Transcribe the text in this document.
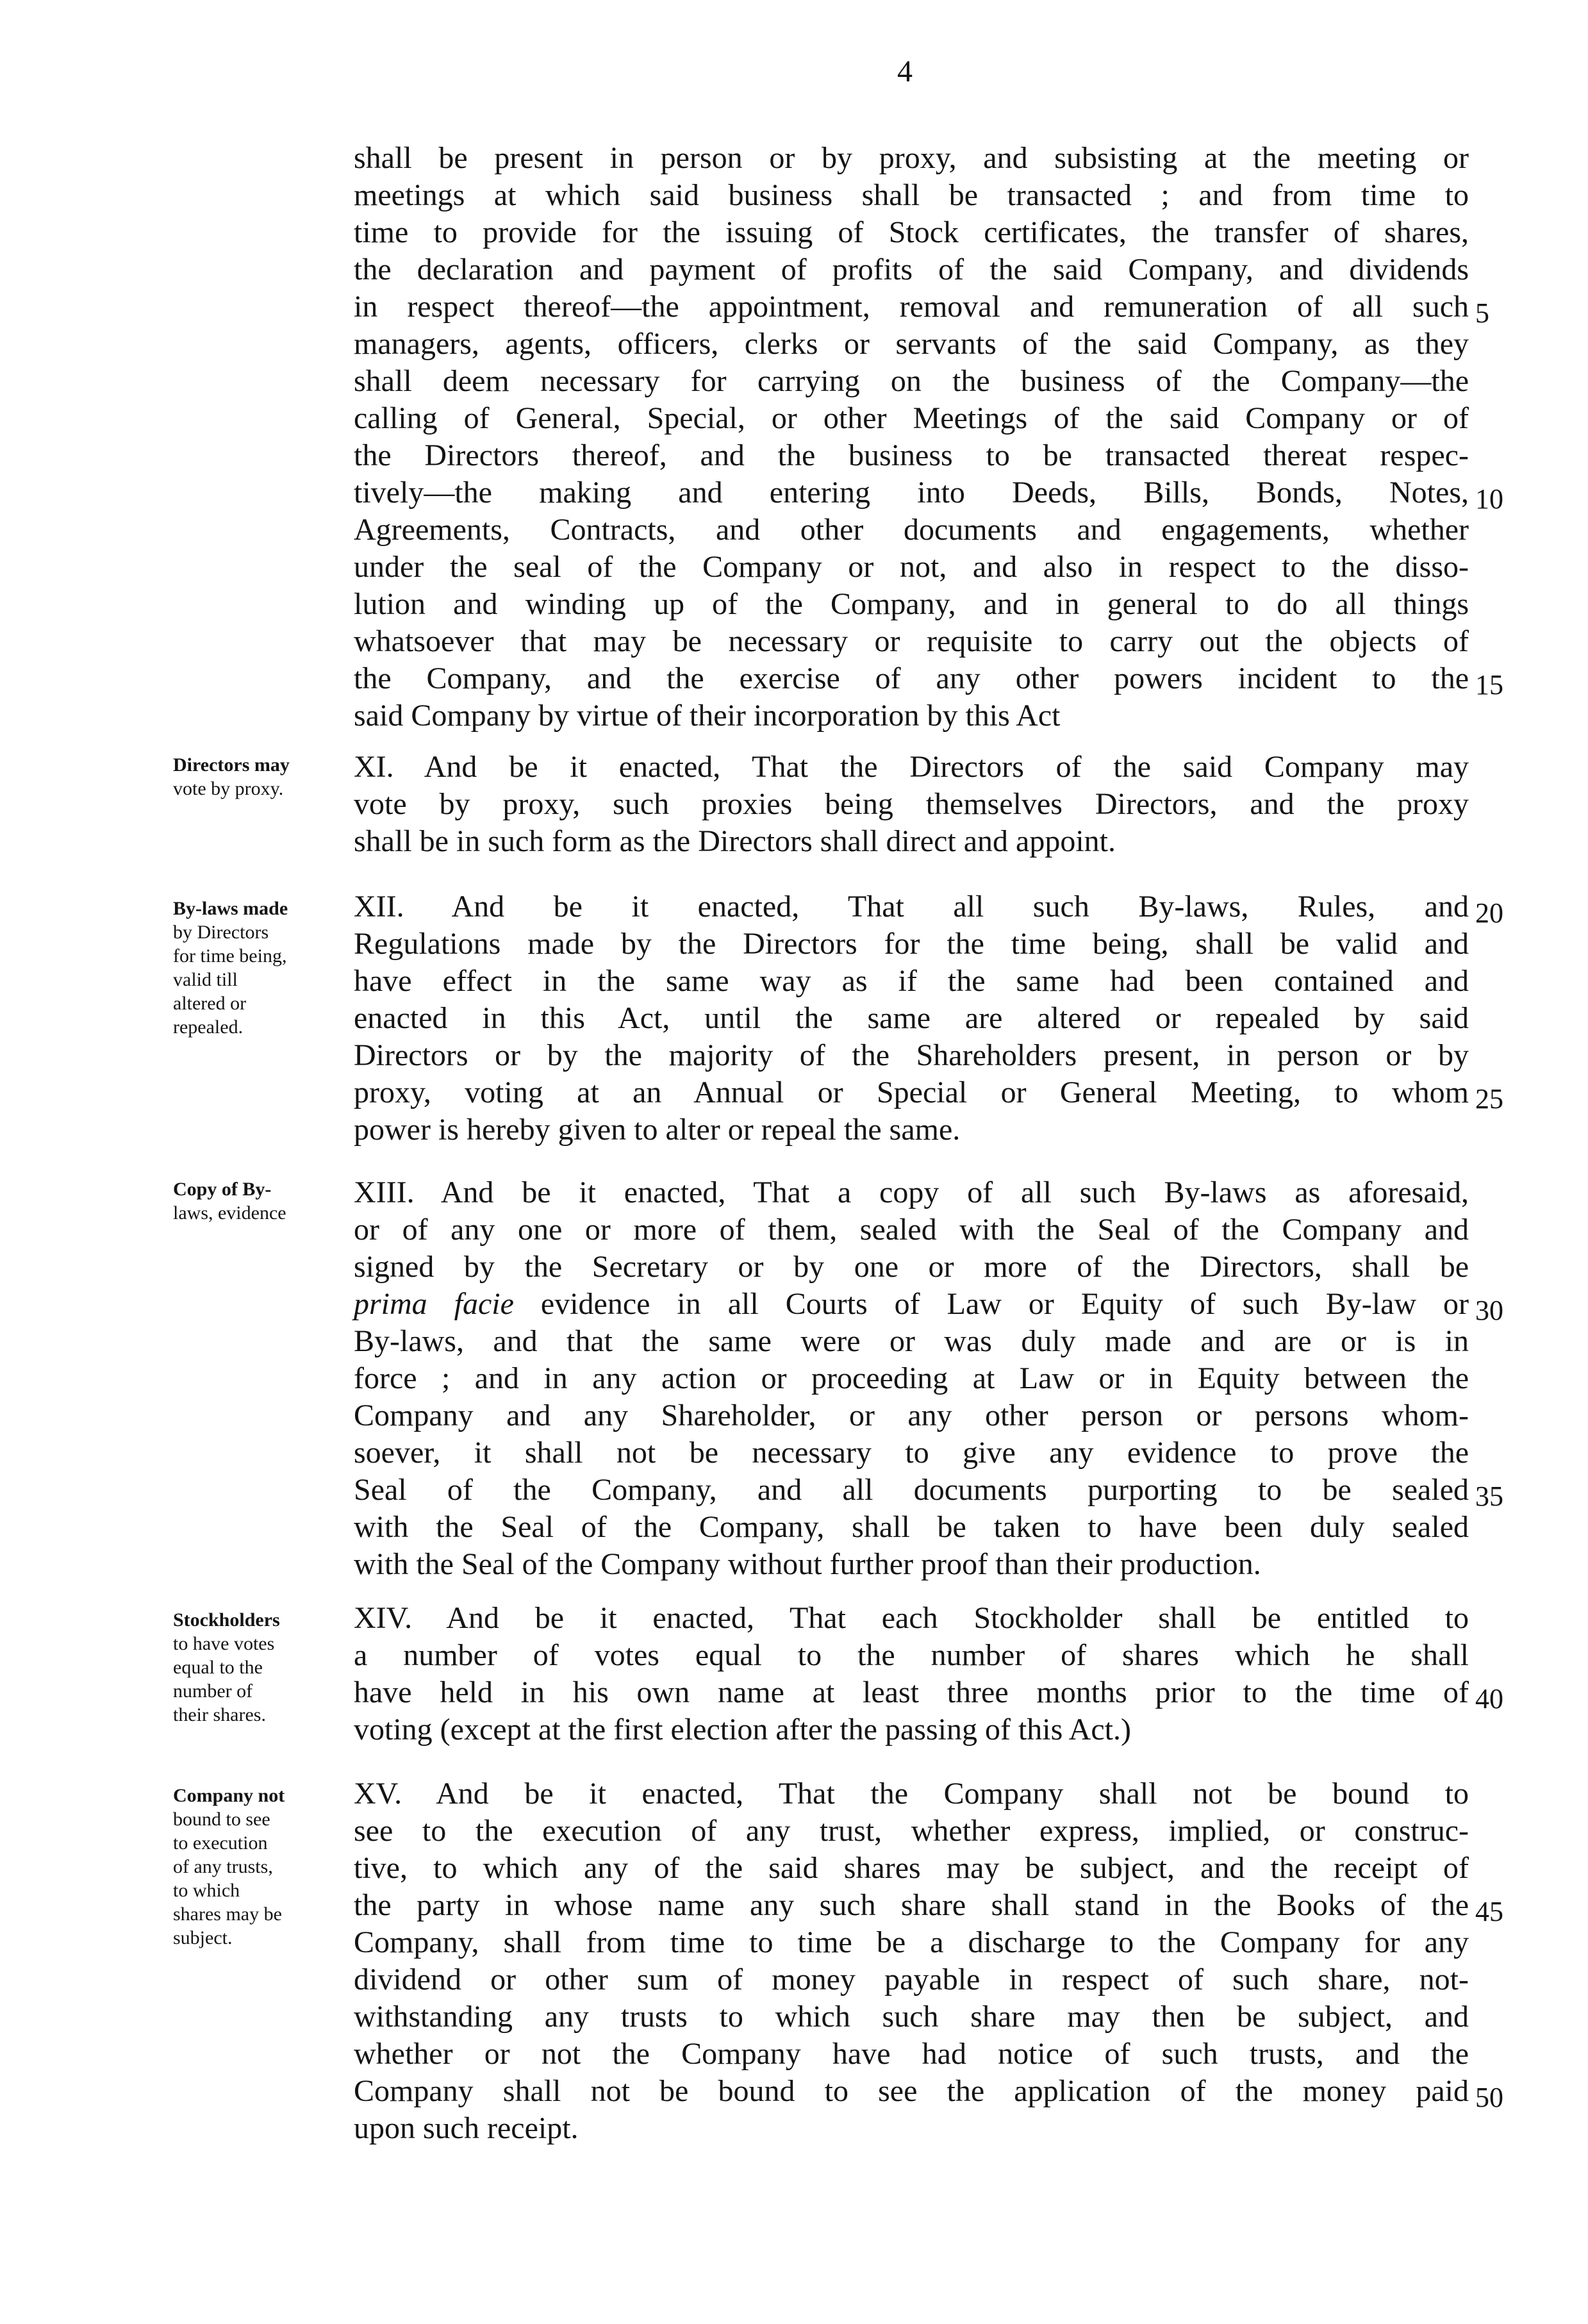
4
shall be present in person or by proxy, and subsisting at the meeting or
meetings at which said business shall be transacted ; and from time to
time to provide for the issuing of Stock certificates, the transfer of shares,
the declaration and payment of profits of the said Company, and dividends
in respect thereof—the appointment, removal and remuneration of all such
managers, agents, officers, clerks or servants of the said Company, as they
shall deem necessary for carrying on the business of the Company—the
calling of General, Special, or other Meetings of the said Company or of
the Directors thereof, and the business to be transacted thereat respec-
tively—the making and entering into Deeds, Bills, Bonds, Notes,
Agreements, Contracts, and other documents and engagements, whether
under the seal of the Company or not, and also in respect to the disso-
lution and winding up of the Company, and in general to do all things
whatsoever that may be necessary or requisite to carry out the objects of
the Company, and the exercise of any other powers incident to the
said Company by virtue of their incorporation by this Act
Directors may
vote by proxy.
XI. And be it enacted, That the Directors of the said Company may
vote by proxy, such proxies being themselves Directors, and the proxy
shall be in such form as the Directors shall direct and appoint.
By-laws made
by Directors
for time being,
valid till
altered or
repealed.
XII. And be it enacted, That all such By-laws, Rules, and
Regulations made by the Directors for the time being, shall be valid and
have effect in the same way as if the same had been contained and
enacted in this Act, until the same are altered or repealed by said
Directors or by the majority of the Shareholders present, in person or by
proxy, voting at an Annual or Special or General Meeting, to whom
power is hereby given to alter or repeal the same.
Copy of By-
laws, evidence
XIII. And be it enacted, That a copy of all such By-laws as aforesaid,
or of any one or more of them, sealed with the Seal of the Company and
signed by the Secretary or by one or more of the Directors, shall be
prima facie evidence in all Courts of Law or Equity of such By-law or
By-laws, and that the same were or was duly made and are or is in
force ; and in any action or proceeding at Law or in Equity between the
Company and any Shareholder, or any other person or persons whom-
soever, it shall not be necessary to give any evidence to prove the
Seal of the Company, and all documents purporting to be sealed
with the Seal of the Company, shall be taken to have been duly sealed
with the Seal of the Company without further proof than their production.
Stockholders
to have votes
equal to the
number of
their shares.
XIV. And be it enacted, That each Stockholder shall be entitled to
a number of votes equal to the number of shares which he shall
have held in his own name at least three months prior to the time of
voting (except at the first election after the passing of this Act.)
Company not
bound to see
to execution
of any trusts,
to which
shares may be
subject.
XV. And be it enacted, That the Company shall not be bound to
see to the execution of any trust, whether express, implied, or construc-
tive, to which any of the said shares may be subject, and the receipt of
the party in whose name any such share shall stand in the Books of the
Company, shall from time to time be a discharge to the Company for any
dividend or other sum of money payable in respect of such share, not-
withstanding any trusts to which such share may then be subject, and
whether or not the Company have had notice of such trusts, and the
Company shall not be bound to see the application of the money paid
upon such receipt.
5
10
15
20
25
30
35
40
45
50
